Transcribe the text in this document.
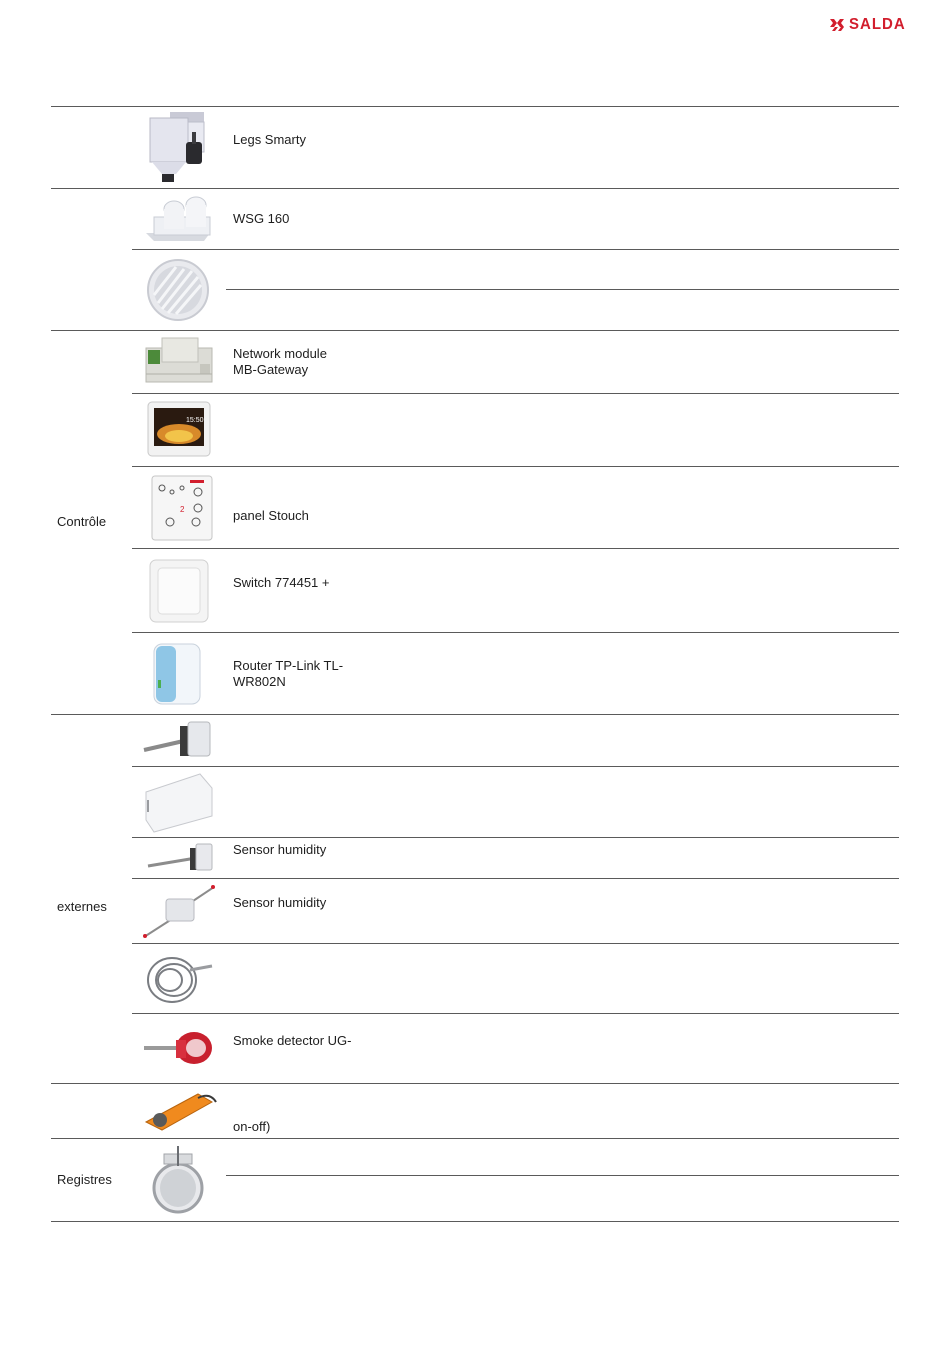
SALDA
Contrôle
externes
Registres
Legs Smarty
WSG 160
Network module
MB-Gateway
panel Stouch
Switch 774451 +
Router TP-Link TL-
WR802N
Sensor humidity
Sensor humidity
Smoke detector UG-
on-off)
15:50
2
